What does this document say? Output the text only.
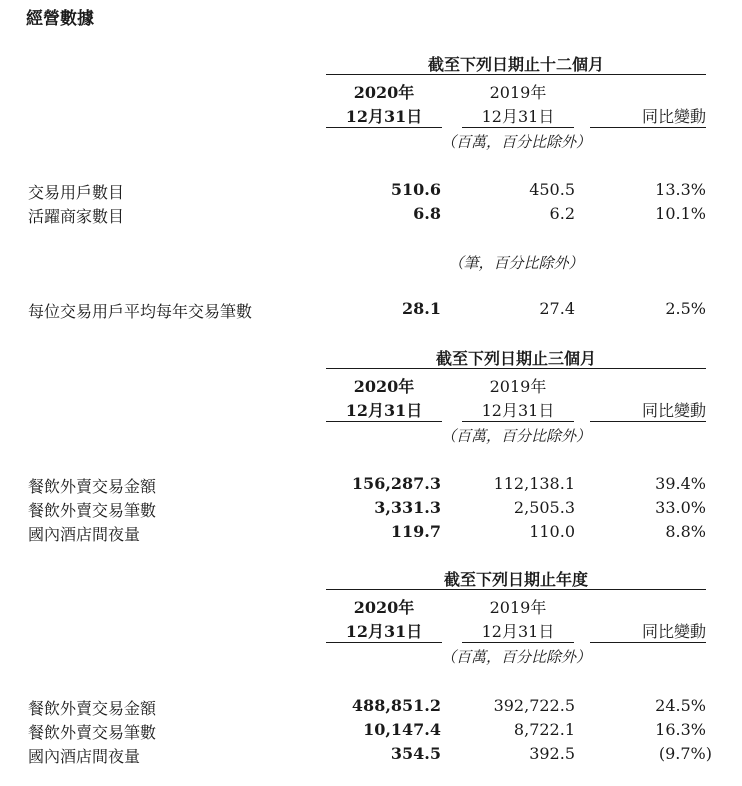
經營數據
截至下列日期止十二個月
2020年
12月31日
2019年
12月31日	同比變動
（百萬，百分比除外）
交易用戶數目	510.6	450.5	13.3%
活躍商家數目	6.8	6.2	10.1%
（筆，百分比除外）
每位交易用戶平均每年交易筆數	28.1	27.4	2.5%
截至下列日期止三個月
2020年
12月31日
2019年
12月31日	同比變動
（百萬，百分比除外）
餐飲外賣交易金額	156,287.3	112,138.1	39.4%
餐飲外賣交易筆數	3,331.3	2,505.3	33.0%
國內酒店間夜量	119.7	110.0	8.8%
截至下列日期止年度
2020年
12月31日
2019年
12月31日	同比變動
（百萬，百分比除外）
餐飲外賣交易金額	488,851.2	392,722.5	24.5%
餐飲外賣交易筆數	10,147.4	8,722.1	16.3%
國內酒店間夜量	354.5	392.5	(9.7%)
